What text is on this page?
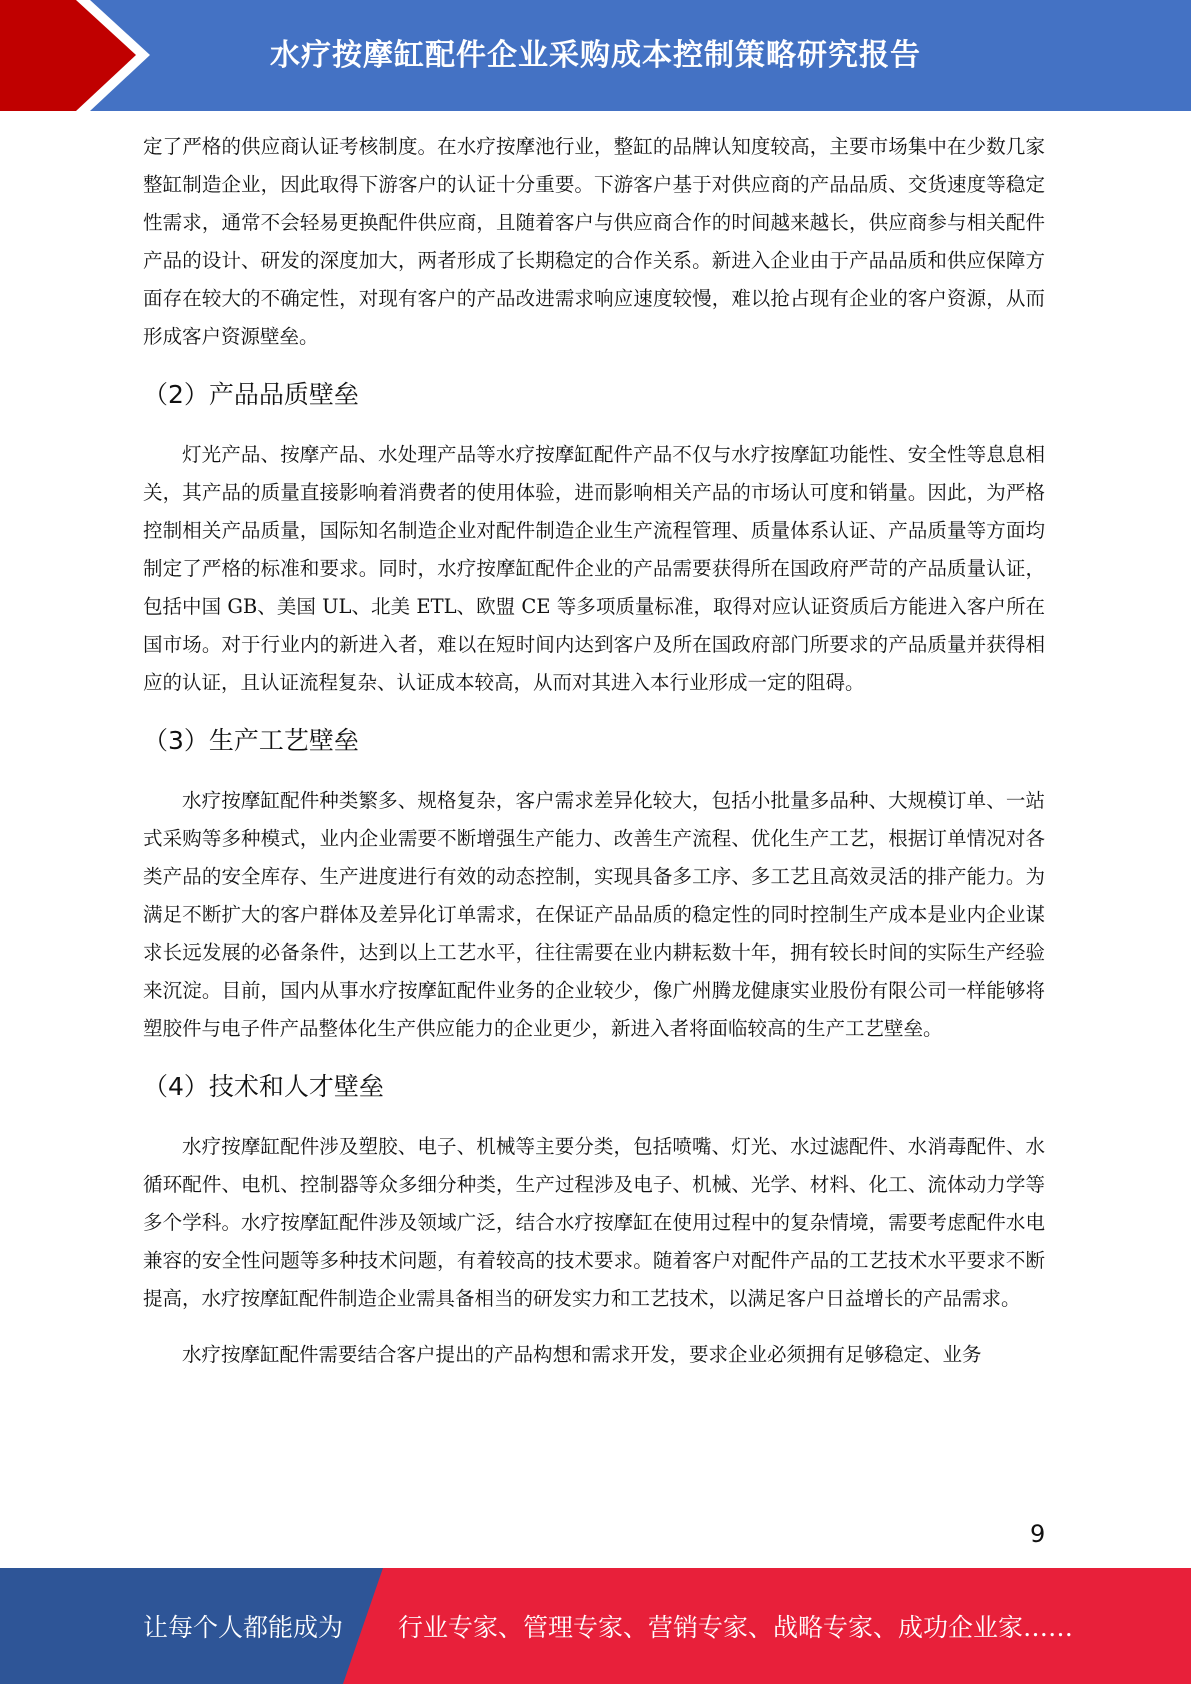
水疗按摩缸配件企业采购成本控制策略研究报告

定了严格的供应商认证考核制度。在水疗按摩池行业，整缸的品牌认知度较高，主要市场集中在少数几家整缸制造企业，因此取得下游客户的认证十分重要。下游客户基于对供应商的产品品质、交货速度等稳定性需求，通常不会轻易更换配件供应商，且随着客户与供应商合作的时间越来越长，供应商参与相关配件产品的设计、研发的深度加大，两者形成了长期稳定的合作关系。新进入企业由于产品品质和供应保障方面存在较大的不确定性，对现有客户的产品改进需求响应速度较慢，难以抢占现有企业的客户资源，从而形成客户资源壁垒。

（2）产品品质壁垒

灯光产品、按摩产品、水处理产品等水疗按摩缸配件产品不仅与水疗按摩缸功能性、安全性等息息相关，其产品的质量直接影响着消费者的使用体验，进而影响相关产品的市场认可度和销量。因此，为严格控制相关产品质量，国际知名制造企业对配件制造企业生产流程管理、质量体系认证、产品质量等方面均制定了严格的标准和要求。同时，水疗按摩缸配件企业的产品需要获得所在国政府严苛的产品质量认证，包括中国 GB、美国 UL、北美 ETL、欧盟 CE 等多项质量标准，取得对应认证资质后方能进入客户所在国市场。对于行业内的新进入者，难以在短时间内达到客户及所在国政府部门所要求的产品质量并获得相应的认证，且认证流程复杂、认证成本较高，从而对其进入本行业形成一定的阻碍。

（3）生产工艺壁垒

水疗按摩缸配件种类繁多、规格复杂，客户需求差异化较大，包括小批量多品种、大规模订单、一站式采购等多种模式，业内企业需要不断增强生产能力、改善生产流程、优化生产工艺，根据订单情况对各类产品的安全库存、生产进度进行有效的动态控制，实现具备多工序、多工艺且高效灵活的排产能力。为满足不断扩大的客户群体及差异化订单需求，在保证产品品质的稳定性的同时控制生产成本是业内企业谋求长远发展的必备条件，达到以上工艺水平，往往需要在业内耕耘数十年，拥有较长时间的实际生产经验来沉淀。目前，国内从事水疗按摩缸配件业务的企业较少，像广州腾龙健康实业股份有限公司一样能够将塑胶件与电子件产品整体化生产供应能力的企业更少，新进入者将面临较高的生产工艺壁垒。

（4）技术和人才壁垒

水疗按摩缸配件涉及塑胶、电子、机械等主要分类，包括喷嘴、灯光、水过滤配件、水消毒配件、水循环配件、电机、控制器等众多细分种类，生产过程涉及电子、机械、光学、材料、化工、流体动力学等多个学科。水疗按摩缸配件涉及领域广泛，结合水疗按摩缸在使用过程中的复杂情境，需要考虑配件水电兼容的安全性问题等多种技术问题，有着较高的技术要求。随着客户对配件产品的工艺技术水平要求不断提高，水疗按摩缸配件制造企业需具备相当的研发实力和工艺技术，以满足客户日益增长的产品需求。

水疗按摩缸配件需要结合客户提出的产品构想和需求开发，要求企业必须拥有足够稳定、业务

9
让每个人都能成为 行业专家、管理专家、营销专家、战略专家、成功企业家……
